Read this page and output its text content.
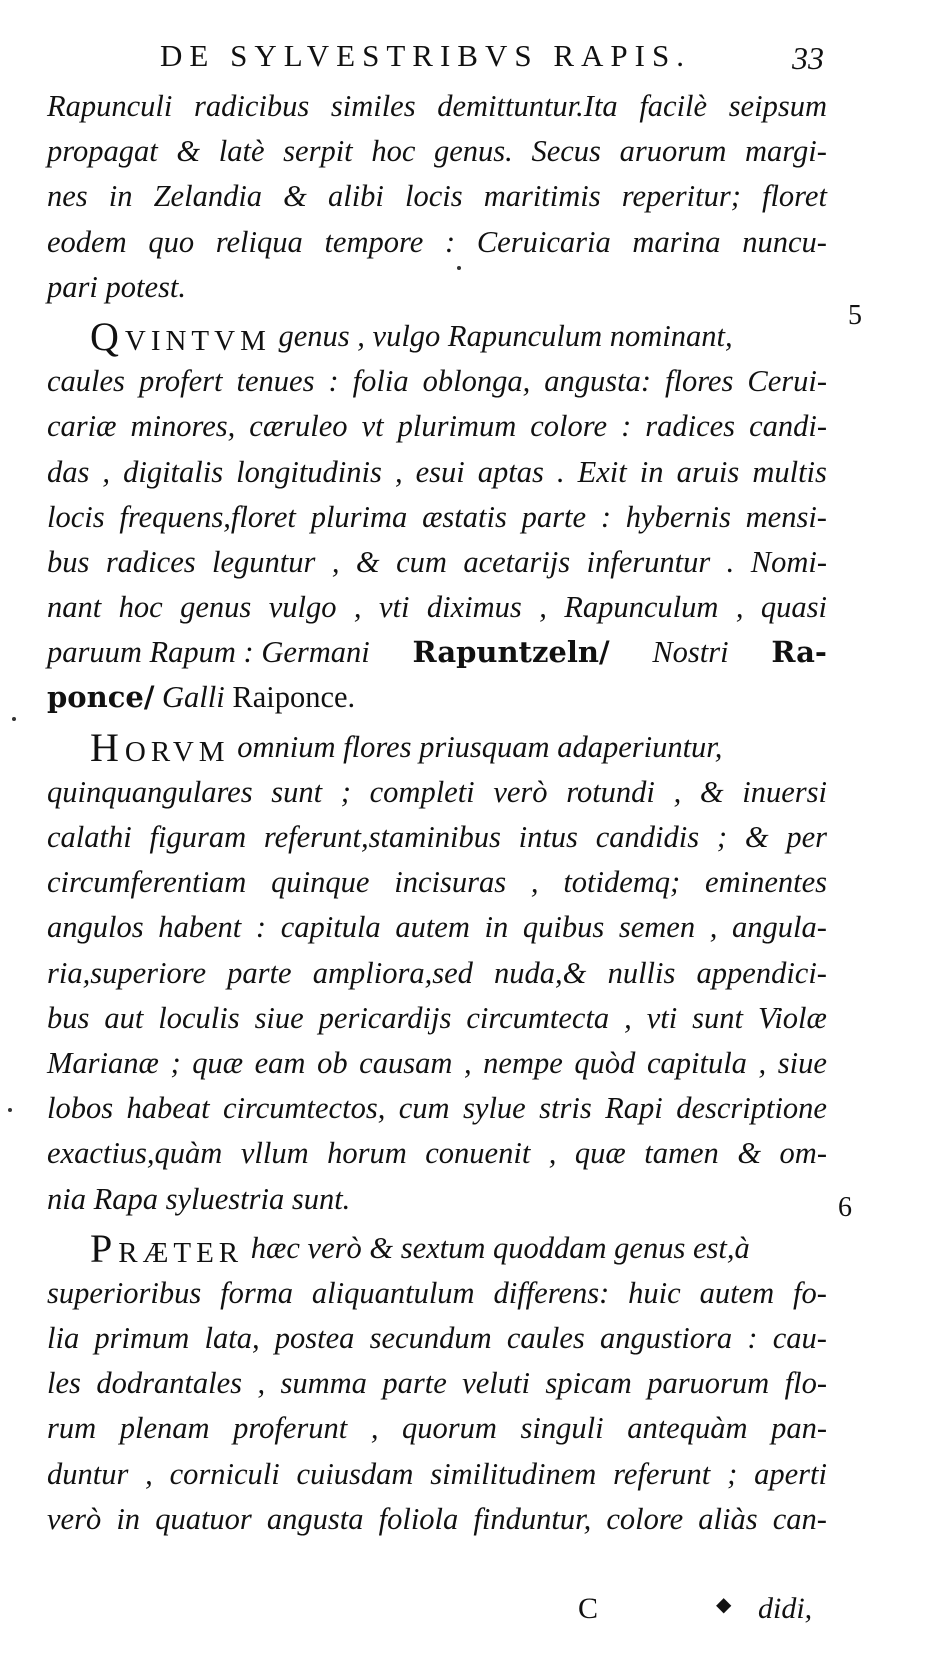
DE SYLVESTRIBVS RAPIS.	33
Rapunculi radicibus similes demittuntur.Ita facilè seipsum
propagat & latè serpit hoc genus. Secus aruorum margi-
nes in Zelandia & alibi locis maritimis reperitur; floret
eodem quo reliqua tempore : Ceruicaria marina nuncu-
pari potest.
QVINTVM
genus , vulgo Rapunculum nominant,
caules profert tenues : folia oblonga, angusta: flores Cerui-
cariæ minores, cæruleo vt plurimum colore : radices candi-
das , digitalis longitudinis , esui aptas . Exit in aruis multis
locis frequens,floret plurima æstatis parte : hybernis mensi-
bus radices leguntur , & cum acetarijs inferuntur . Nomi-
nant hoc genus vulgo , vti diximus , Rapunculum , quasi
paruum Rapum : Germani Rapuntzeln/ Nostri Ra-
ponce/
Galli
Raiponce.
HORVM
omnium flores priusquam adaperiuntur,
quinquangulares sunt ; completi verò rotundi , & inuersi
calathi figuram referunt,staminibus intus candidis ; & per
circumferentiam quinque incisuras , totidemq; eminentes
angulos habent : capitula autem in quibus semen , angula-
ria,superiore parte ampliora,sed nuda,& nullis appendici-
bus aut loculis siue pericardijs circumtecta , vti sunt Violæ
Marianæ ; quæ eam ob causam , nempe quòd capitula , siue
lobos habeat circumtectos, cum sylue stris Rapi descriptione
exactius,quàm vllum horum conuenit , quæ tamen & om-
nia Rapa syluestria sunt.
PRÆTER
hæc verò & sextum quoddam genus est,à
superioribus forma aliquantulum differens: huic autem fo-
lia primum lata, postea secundum caules angustiora : cau-
les dodrantales , summa parte veluti spicam paruorum flo-
rum plenam proferunt , quorum singuli antequàm pan-
duntur , corniculi cuiusdam similitudinem referunt ; aperti
verò in quatuor angusta foliola finduntur, colore aliàs can-
5
6
C	◆ didi,
